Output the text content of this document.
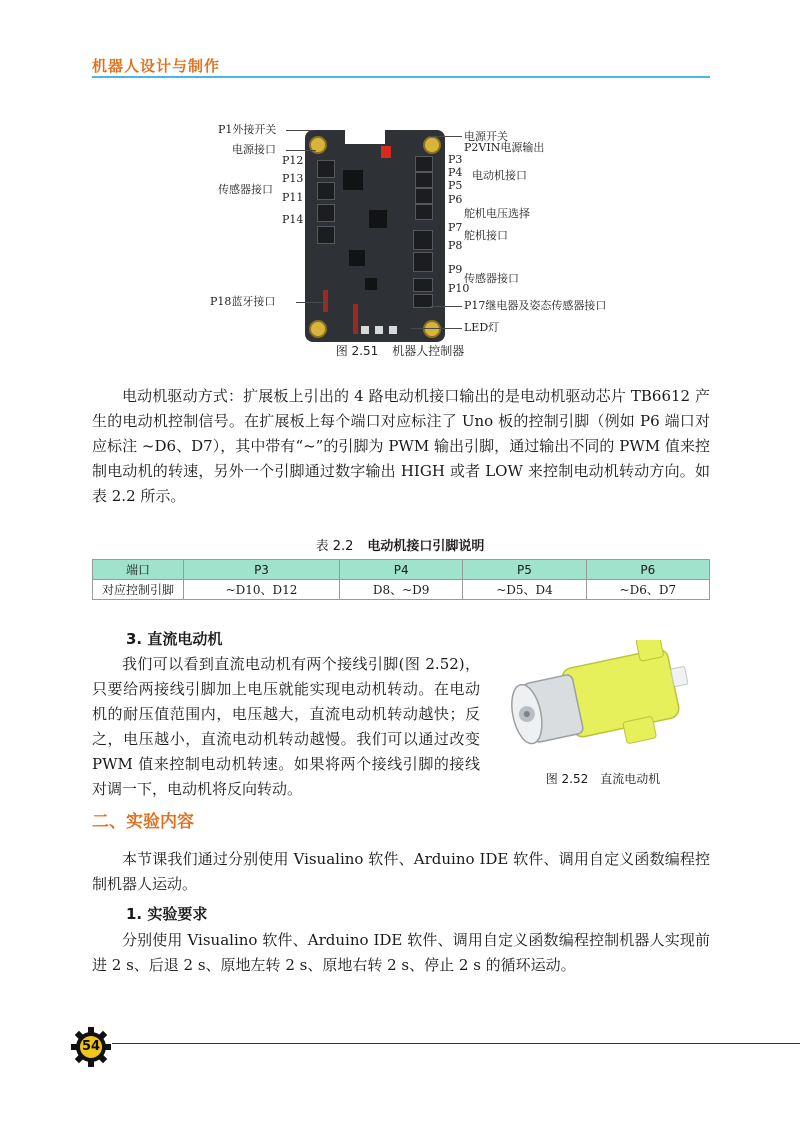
机器人设计与制作
P1外接开关
电源接口
P12
P13
传感器接口
P11
P14
P18蓝牙接口
电源开关
P2VIN电源输出
P3
P4 电动机接口
P5
P6
舵机电压选择
P7
舵机接口
P8
P9
传感器接口
P10
P17继电器及姿态传感器接口
LED灯
图 2.51 机器人控制器
电动机驱动方式：扩展板上引出的 4 路电动机接口输出的是电动机驱动芯片 TB6612 产生的电动机控制信号。在扩展板上每个端口对应标注了 Uno 板的控制引脚（例如 P6 端口对应标注 ~D6、D7），其中带有“~”的引脚为 PWM 输出引脚，通过输出不同的 PWM 值来控制电动机的转速，另外一个引脚通过数字输出 HIGH 或者 LOW 来控制电动机转动方向。如表 2.2 所示。
表 2.2 电动机接口引脚说明
端口	P3	P4	P5	P6
对应控制引脚	~D10、D12	D8、~D9	~D5、D4	~D6、D7
3. 直流电动机
我们可以看到直流电动机有两个接线引脚(图 2.52)，只要给两接线引脚加上电压就能实现电动机转动。在电动机的耐压值范围内，电压越大，直流电动机转动越快；反之，电压越小，直流电动机转动越慢。我们可以通过改变 PWM 值来控制电动机转速。如果将两个接线引脚的接线对调一下，电动机将反向转动。
图 2.52 直流电动机
二、实验内容
本节课我们通过分别使用 Visualino 软件、Arduino IDE 软件、调用自定义函数编程控制机器人运动。
1. 实验要求
分别使用 Visualino 软件、Arduino IDE 软件、调用自定义函数编程控制机器人实现前进 2 s、后退 2 s、原地左转 2 s、原地右转 2 s、停止 2 s 的循环运动。
54
